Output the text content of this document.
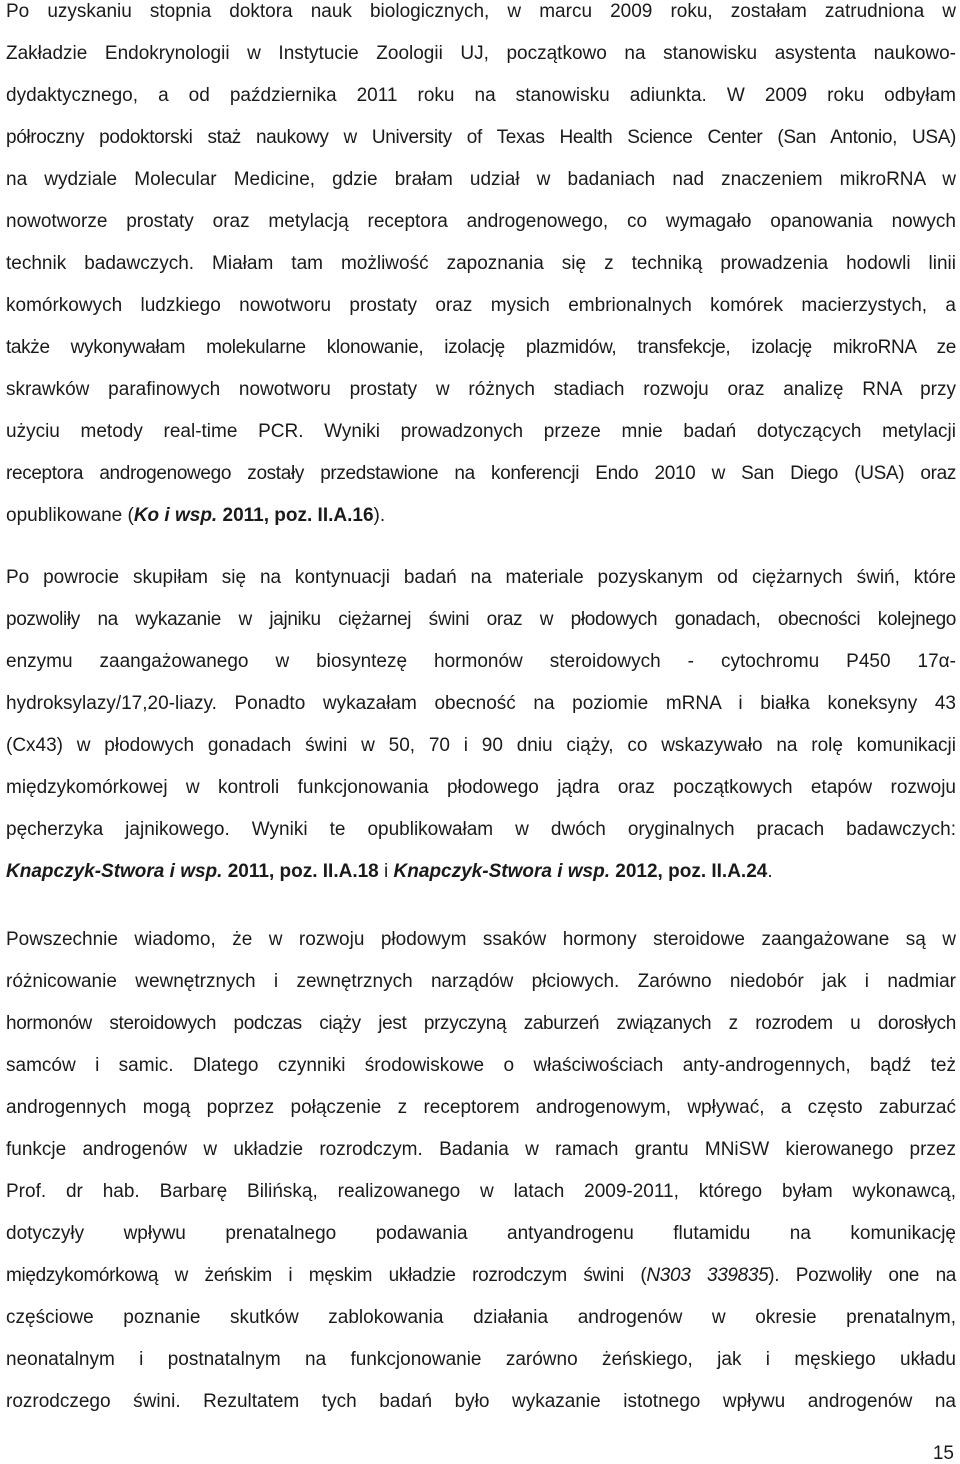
Po uzyskaniu stopnia doktora nauk biologicznych, w marcu 2009 roku, zostałam zatrudniona w
Zakładzie Endokrynologii w Instytucie Zoologii UJ, początkowo na stanowisku asystenta naukowo-
dydaktycznego, a od października 2011 roku na stanowisku adiunkta. W 2009 roku odbyłam
półroczny podoktorski staż naukowy w University of Texas Health Science Center (San Antonio, USA)
na wydziale Molecular Medicine, gdzie brałam udział w badaniach nad znaczeniem mikroRNA w
nowotworze prostaty oraz metylacją receptora androgenowego, co wymagało opanowania nowych
technik badawczych. Miałam tam możliwość zapoznania się z techniką prowadzenia hodowli linii
komórkowych ludzkiego nowotworu prostaty oraz mysich embrionalnych komórek macierzystych, a
także wykonywałam molekularne klonowanie, izolację plazmidów, transfekcje, izolację mikroRNA ze
skrawków parafinowych nowotworu prostaty w różnych stadiach rozwoju oraz analizę RNA przy
użyciu metody real-time PCR. Wyniki prowadzonych przeze mnie badań dotyczących metylacji
receptora androgenowego zostały przedstawione na konferencji Endo 2010 w San Diego (USA) oraz
opublikowane (Ko i wsp. 2011, poz. II.A.16).
Po powrocie skupiłam się na kontynuacji badań na materiale pozyskanym od ciężarnych świń, które
pozwoliły na wykazanie w jajniku ciężarnej świni oraz w płodowych gonadach, obecności kolejnego
enzymu zaangażowanego w biosyntezę hormonów steroidowych - cytochromu P450 17α-
hydroksylazy/17,20-liazy. Ponadto wykazałam obecność na poziomie mRNA i białka koneksyny 43
(Cx43) w płodowych gonadach świni w 50, 70 i 90 dniu ciąży, co wskazywało na rolę komunikacji
międzykomórkowej w kontroli funkcjonowania płodowego jądra oraz początkowych etapów rozwoju
pęcherzyka jajnikowego. Wyniki te opublikowałam w dwóch oryginalnych pracach badawczych:
Knapczyk-Stwora i wsp. 2011, poz. II.A.18 i Knapczyk-Stwora i wsp. 2012, poz. II.A.24.
Powszechnie wiadomo, że w rozwoju płodowym ssaków hormony steroidowe zaangażowane są w
różnicowanie wewnętrznych i zewnętrznych narządów płciowych. Zarówno niedobór jak i nadmiar
hormonów steroidowych podczas ciąży jest przyczyną zaburzeń związanych z rozrodem u dorosłych
samców i samic. Dlatego czynniki środowiskowe o właściwościach anty-androgennych, bądź też
androgennych mogą poprzez połączenie z receptorem androgenowym, wpływać, a często zaburzać
funkcje androgenów w układzie rozrodczym. Badania w ramach grantu MNiSW kierowanego przez
Prof. dr hab. Barbarę Bilińską, realizowanego w latach 2009-2011, którego byłam wykonawcą,
dotyczyły wpływu prenatalnego podawania antyandrogenu flutamidu na komunikację
międzykomórkową w żeńskim i męskim układzie rozrodczym świni (N303 339835). Pozwoliły one na
częściowe poznanie skutków zablokowania działania androgenów w okresie prenatalnym,
neonatalnym i postnatalnym na funkcjonowanie zarówno żeńskiego, jak i męskiego układu
rozrodczego świni. Rezultatem tych badań było wykazanie istotnego wpływu androgenów na
15
